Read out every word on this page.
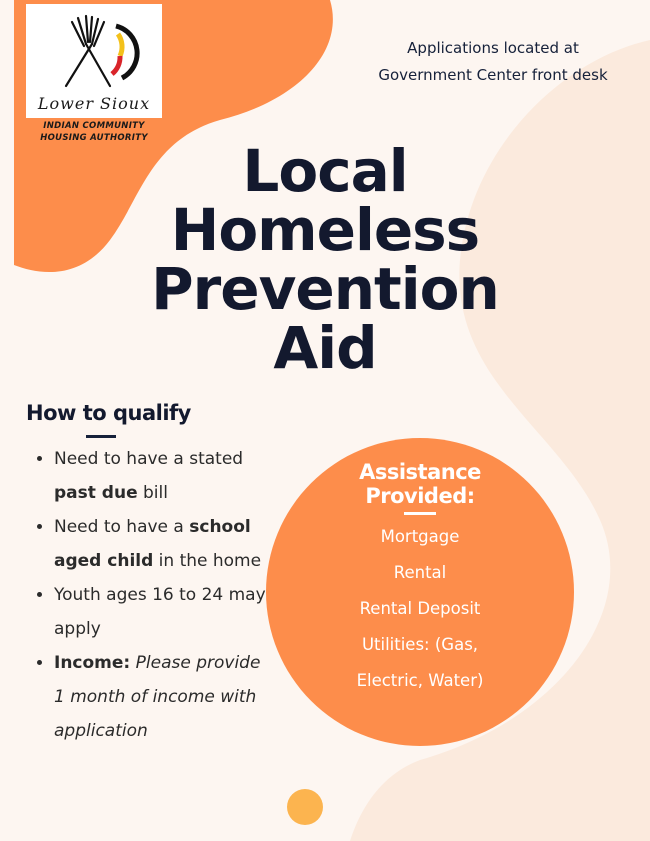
Lower Sioux
INDIAN COMMUNITY
HOUSING AUTHORITY
Applications located at
Government Center front desk
Local
Homeless
Prevention
Aid
How to qualify
• Need to have a stated past due bill
• Need to have a school aged child in the home
• Youth ages 16 to 24 may apply
• Income: Please provide 1 month of income with application
Assistance
Provided:
Mortgage
Rental
Rental Deposit
Utilities: (Gas,
Electric, Water)
